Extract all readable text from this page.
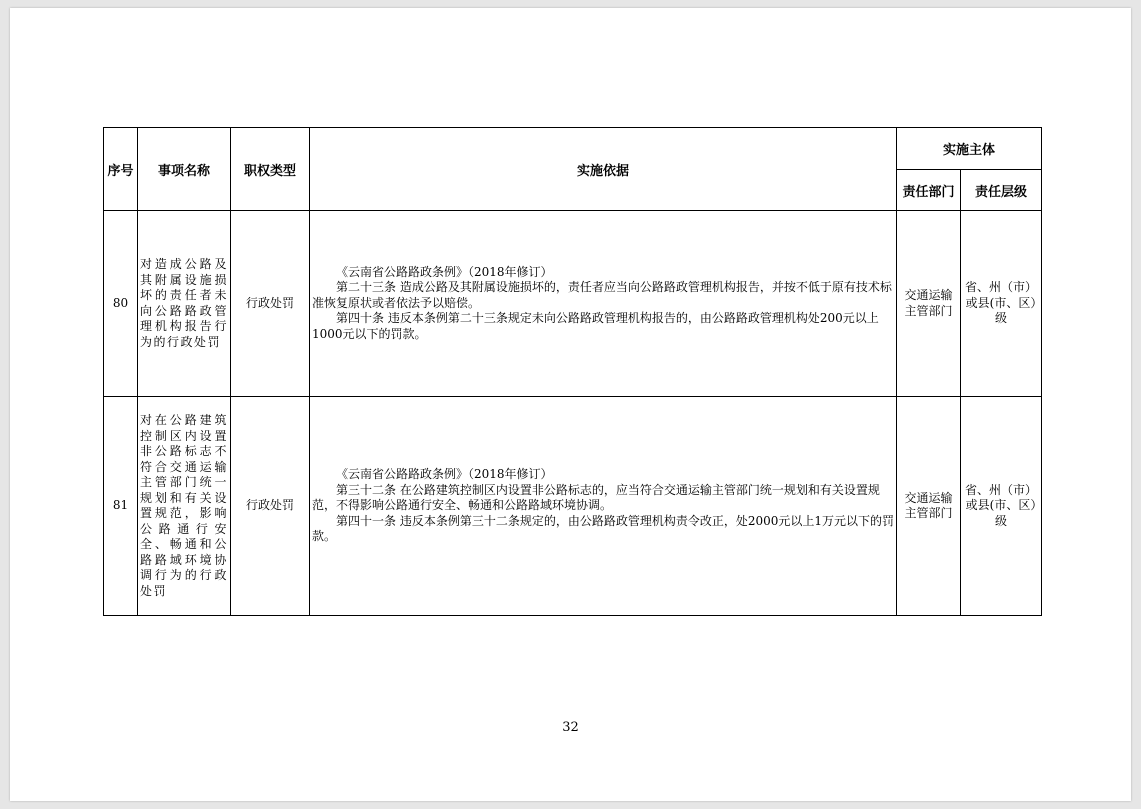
序号	事项名称	职权类型	实施依据	实施主体	
				责任部门	责任层级
80	对造成公路及其附属设施损坏的责任者未向公路路政管理机构报告行为的行政处罚	行政处罚	《云南省公路路政条例》（2018年修订）

第二十三条 造成公路及其附属设施损坏的，责任者应当向公路路政管理机构报告，并按不低于原有技术标准恢复原状或者依法予以赔偿。

第四十条 违反本条例第二十三条规定未向公路路政管理机构报告的，由公路路政管理机构处200元以上1000元以下的罚款。	交通运输主管部门	省、州（市）或县(市、区）级
81	对在公路建筑控制区内设置非公路标志不符合交通运输主管部门统一规划和有关设置规范，影响公路通行安全、畅通和公路路域环境协调行为的行政处罚	行政处罚	《云南省公路路政条例》（2018年修订）

第三十二条 在公路建筑控制区内设置非公路标志的，应当符合交通运输主管部门统一规划和有关设置规范，不得影响公路通行安全、畅通和公路路域环境协调。

第四十一条 违反本条例第三十二条规定的，由公路路政管理机构责令改正，处2000元以上1万元以下的罚款。	交通运输主管部门	省、州（市）或县(市、区）级
32
